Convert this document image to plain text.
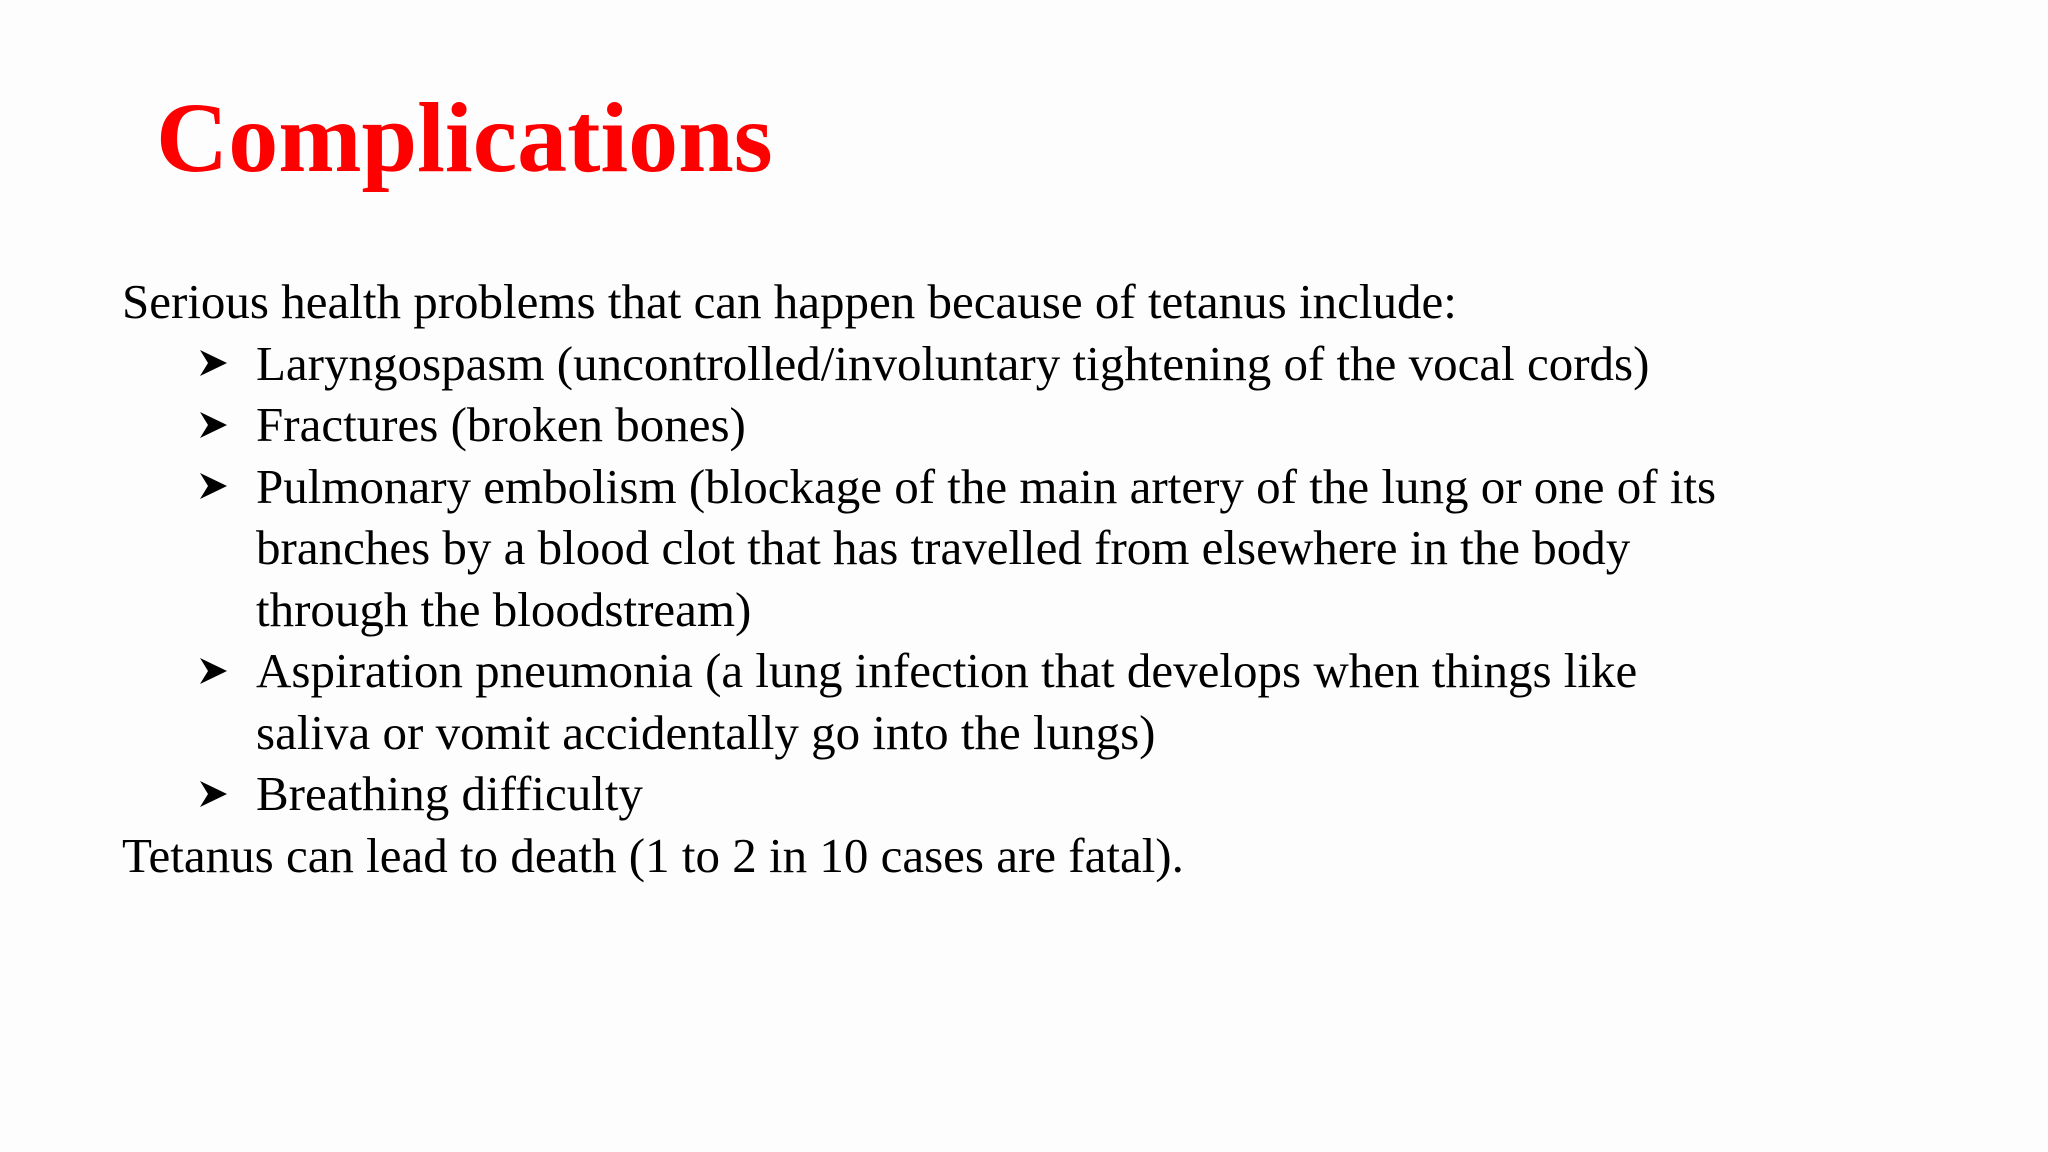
Complications

Serious health problems that can happen because of tetanus include:

Laryngospasm (uncontrolled/involuntary tightening of the vocal cords)
Fractures (broken bones)
Pulmonary embolism (blockage of the main artery of the lung or one of its
branches by a blood clot that has travelled from elsewhere in the body
through the bloodstream)
Aspiration pneumonia (a lung infection that develops when things like
saliva or vomit accidentally go into the lungs)
Breathing difficulty

Tetanus can lead to death (1 to 2 in 10 cases are fatal).
